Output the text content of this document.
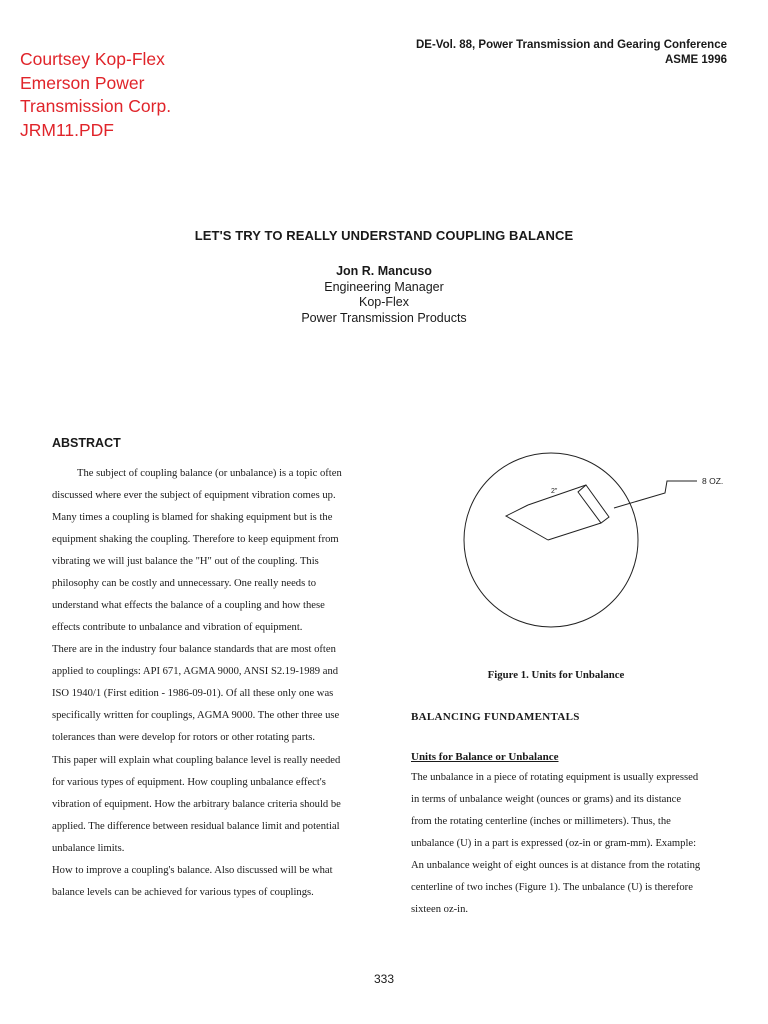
Courtsey Kop-Flex
Emerson Power
Transmission Corp.
JRM11.PDF
DE-Vol. 88, Power Transmission and Gearing Conference
ASME 1996
LET'S TRY TO REALLY UNDERSTAND COUPLING BALANCE
Jon R. Mancuso
Engineering Manager
Kop-Flex
Power Transmission Products
ABSTRACT
The subject of coupling balance (or unbalance) is a topic often
discussed where ever the subject of equipment vibration comes up.
Many times a coupling is blamed for shaking equipment but is the
equipment shaking the coupling. Therefore to keep equipment from
vibrating we will just balance the "H" out of the coupling. This
philosophy can be costly and unnecessary. One really needs to
understand what effects the balance of a coupling and how these
effects contribute to unbalance and vibration of equipment.
There are in the industry four balance standards that are most often
applied to couplings: API 671, AGMA 9000, ANSI S2.19-1989 and
ISO 1940/1 (First edition - 1986-09-01). Of all these only one was
specifically written for couplings, AGMA 9000. The other three use
tolerances than were develop for rotors or other rotating parts.
This paper will explain what coupling balance level is really needed
for various types of equipment. How coupling unbalance effect's
vibration of equipment. How the arbitrary balance criteria should be
applied. The difference between residual balance limit and potential
unbalance limits.
How to improve a coupling's balance. Also discussed will be what
balance levels can be achieved for various types of couplings.
8 OZ.
2"
Figure 1. Units for Unbalance
BALANCING FUNDAMENTALS
Units for Balance or Unbalance
The unbalance in a piece of rotating equipment is usually expressed
in terms of unbalance weight (ounces or grams) and its distance
from the rotating centerline (inches or millimeters). Thus, the
unbalance (U) in a part is expressed (oz-in or gram-mm). Example:
An unbalance weight of eight ounces is at distance from the rotating
centerline of two inches (Figure 1). The unbalance (U) is therefore
sixteen oz-in.
333
